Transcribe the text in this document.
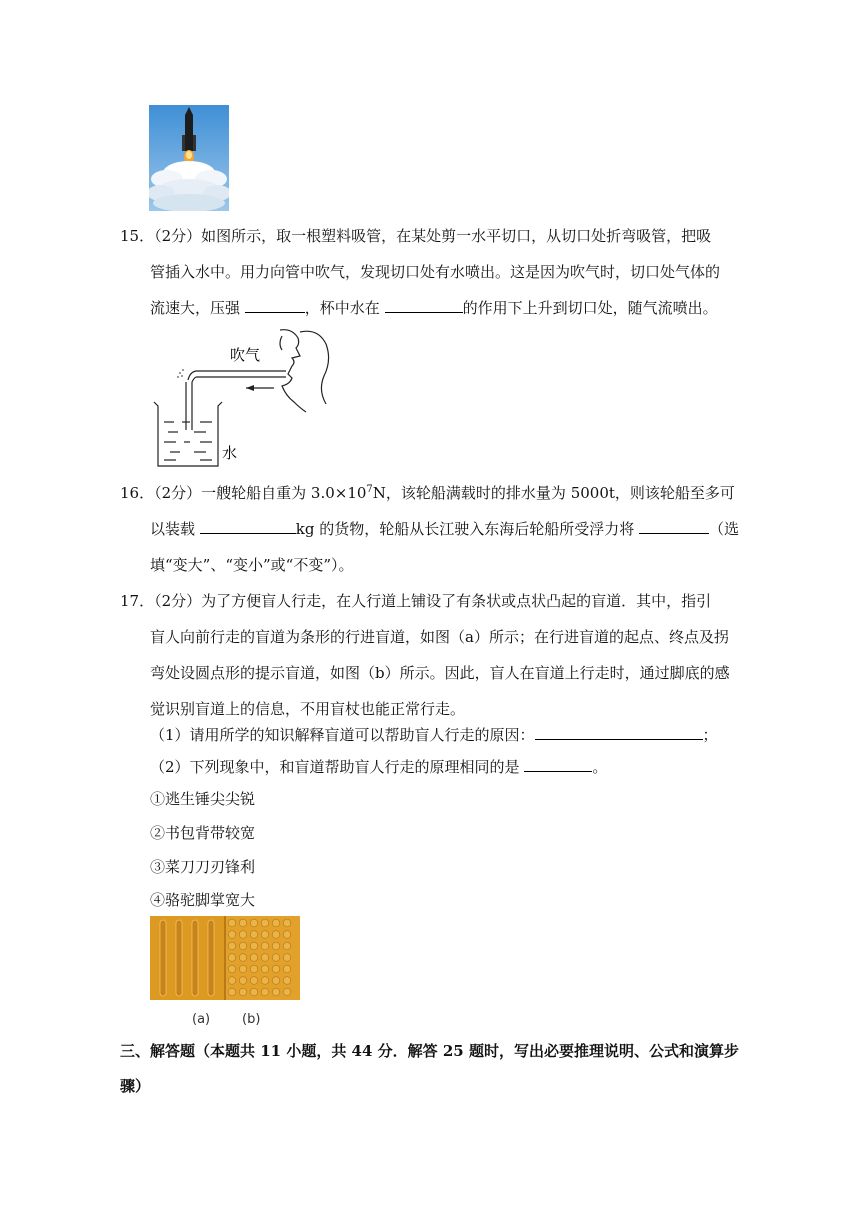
15．（2分）如图所示，取一根塑料吸管，在某处剪一水平切口，从切口处折弯吸管，把吸
管插入水中。用力向管中吹气，发现切口处有水喷出。这是因为吹气时，切口处气体的
流速大，压强	，杯中水在	的作用下上升到切口处，随气流喷出。
吹气
水
16．（2分）一艘轮船自重为 $3.0\times 10^7N$，该轮船满载时的排水量为 5000t，则该轮船至多可
以装载	kg 的货物，轮船从长江驶入东海后轮船所受浮力将	（选
填“变大”、“变小”或“不变”）。
17．（2分）为了方便盲人行走，在人行道上铺设了有条状或点状凸起的盲道．其中，指引
盲人向前行走的盲道为条形的行进盲道，如图（a）所示；在行进盲道的起点、终点及拐
弯处设圆点形的提示盲道，如图（b）所示。因此，盲人在盲道上行走时，通过脚底的感
觉识别盲道上的信息，不用盲杖也能正常行走。
（1）请用所学的知识解释盲道可以帮助盲人行走的原因：	；
（2）下列现象中，和盲道帮助盲人行走的原理相同的是	。
①逃生锤尖尖锐
②书包背带较宽
③菜刀刀刃锋利
④骆驼脚掌宽大
(a) (b)
三、解答题（本题共 11 小题，共 44 分．解答 25 题时，写出必要推理说明、公式和演算步
骤）
